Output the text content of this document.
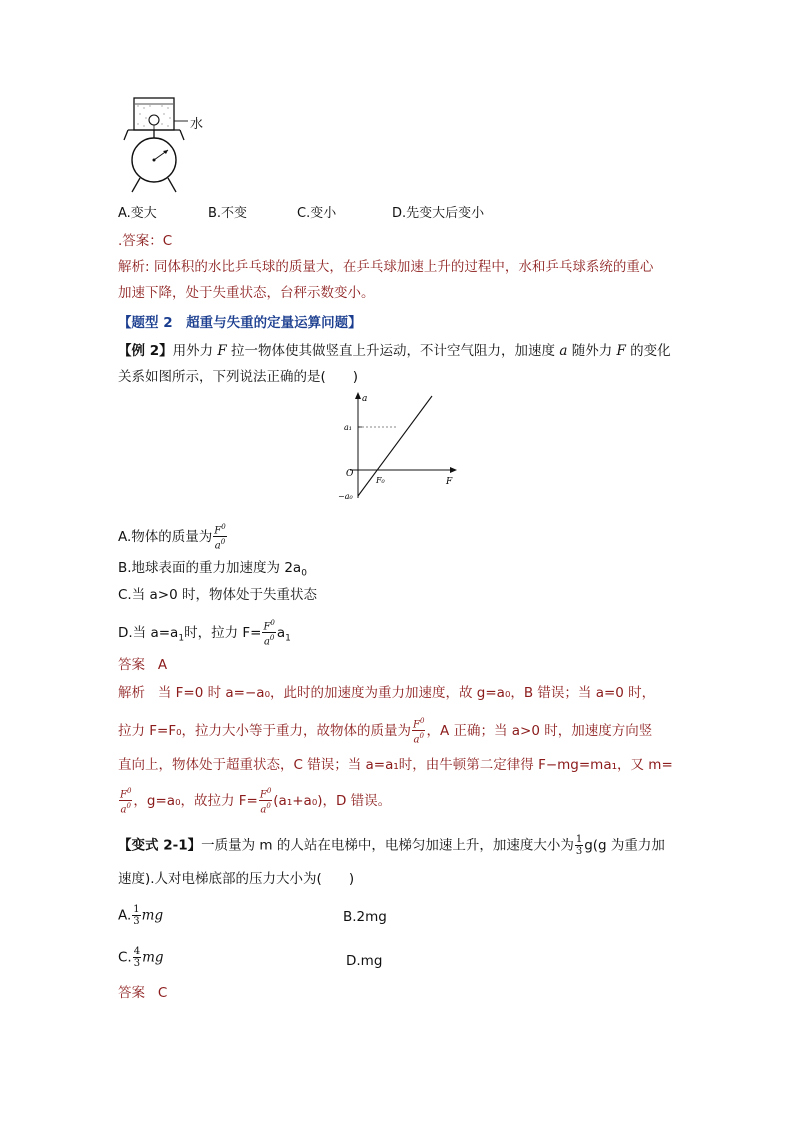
水
A.变大	B.不变	C.变小	D.先变大后变小
.答案：C
解析: 同体积的水比乒乓球的质量大，在乒乓球加速上升的过程中，水和乒乓球系统的重心
加速下降，处于失重状态，台秤示数变小。
【题型 2　超重与失重的定量运算问题】
【例 2】用外力 F 拉一物体使其做竖直上升运动，不计空气阻力，加速度 a 随外力 F 的变化
关系如图所示，下列说法正确的是(　　)
a
F
O
a₁
−a₀
F₀
A.物体的质量为 $\frac{F^0}{a^0}$
B.地球表面的重力加速度为 $2a_0$
C.当 a>0 时，物体处于失重状态
D.当 $a=a_1$时，拉力 $F= \frac{F^0}{a^0} a_1$
答案 A
解析 当 F=0 时 a=−a₀，此时的加速度为重力加速度，故 g=a₀，B 错误；当 a=0 时，
拉力 F=F₀，拉力大小等于重力，故物体的质量为 $\frac{F^0}{a^0}$ ，A 正确；当 a>0 时，加速度方向竖
直向上，物体处于超重状态，C 错误；当 a=a₁时，由牛顿第二定律得 F−mg=ma₁，又 m=
$\frac{F^0}{a^0}$ ，g=a₀，故拉力 $F= \frac{F^0}{a^0} (a_1+a_0)$，D 错误。
【变式 2-1】一质量为 m 的人站在电梯中，电梯匀加速上升，加速度大小为 $\frac{1}{3} g(g$ 为重力加
速度).人对电梯底部的压力大小为(　　)
A. $\frac{1}{3}$ mg	B.2mg
C. $\frac{4}{3}$ mg	D.mg
答案 C
